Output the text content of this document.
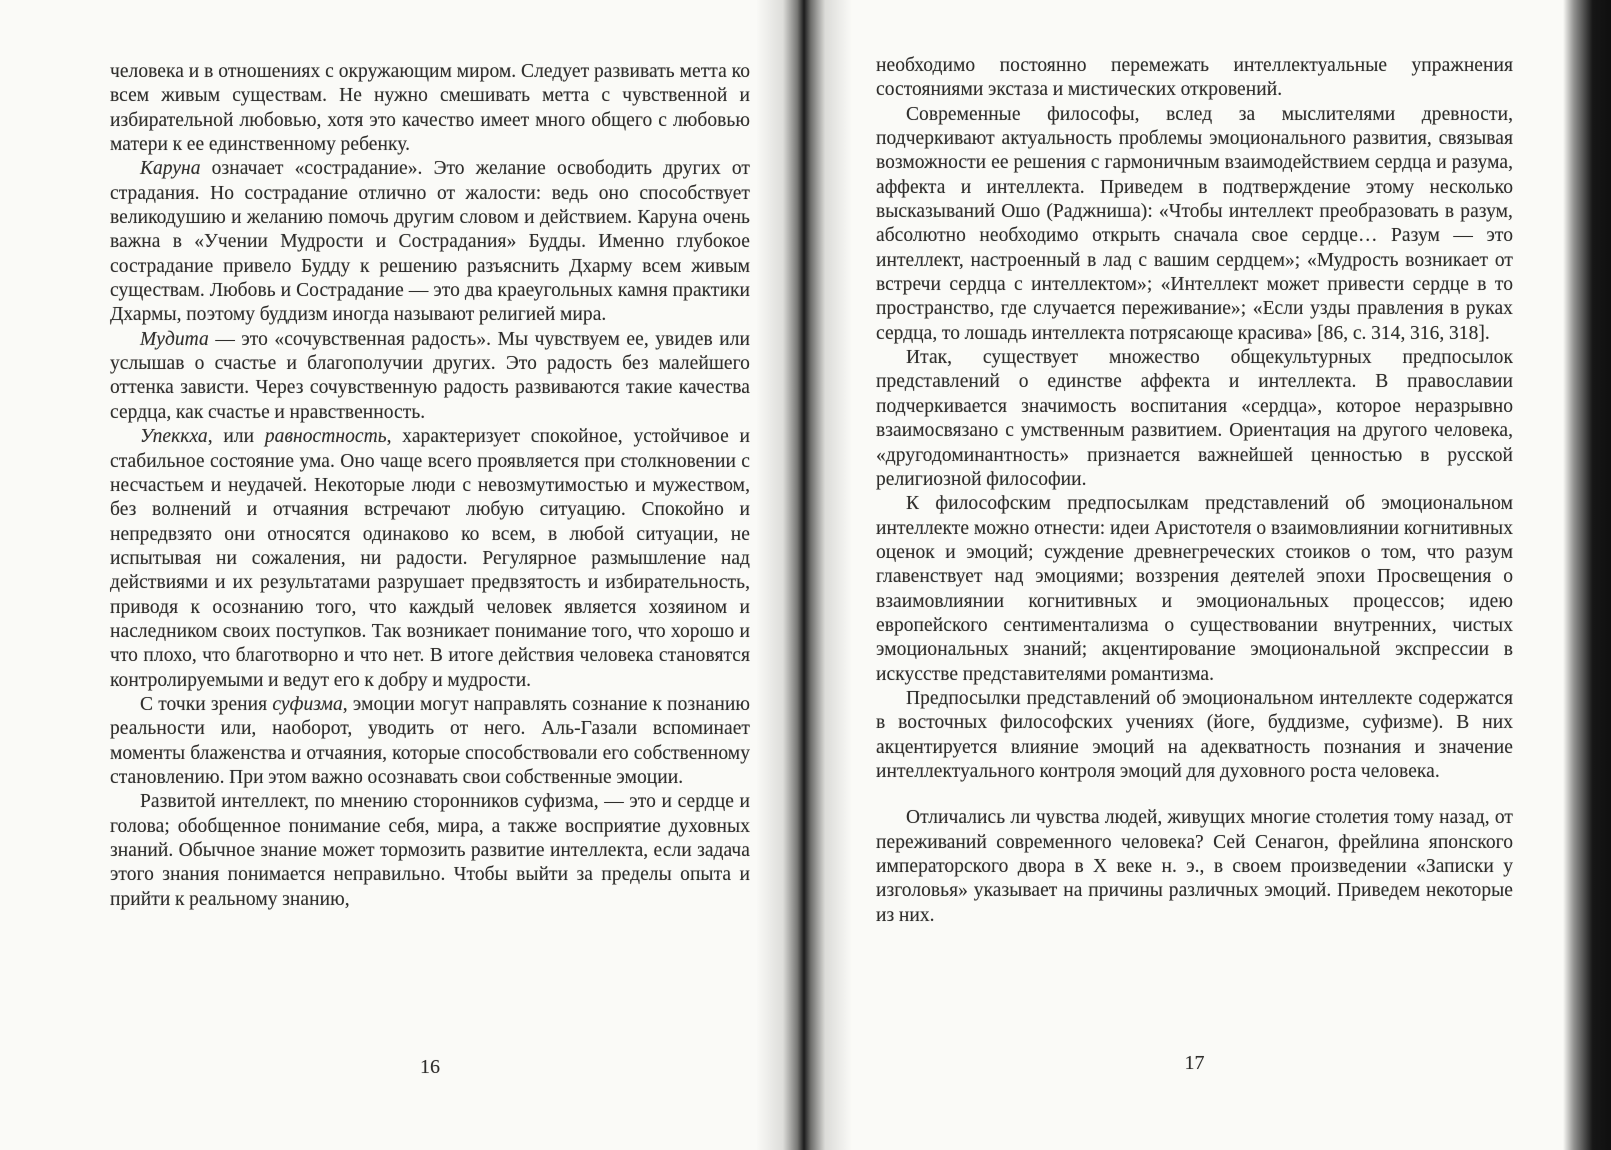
человека и в отношениях с окружающим миром. Следует развивать метта ко всем живым существам. Не нужно смешивать метта с чувственной и избирательной любовью, хотя это качество имеет много общего с любовью матери к ее единственному ребенку.

Каруна означает «сострадание». Это желание освободить других от страдания. Но сострадание отлично от жалости: ведь оно способствует великодушию и желанию помочь другим словом и действием. Каруна очень важна в «Учении Мудрости и Сострадания» Будды. Именно глубокое сострадание привело Будду к решению разъяснить Дхарму всем живым существам. Любовь и Сострадание — это два краеугольных камня практики Дхармы, поэтому буддизм иногда называют религией мира.

Мудита — это «сочувственная радость». Мы чувствуем ее, увидев или услышав о счастье и благополучии других. Это радость без малейшего оттенка зависти. Через сочувственную радость развиваются такие качества сердца, как счастье и нравственность.

Упеккха, или равностность, характеризует спокойное, устойчивое и стабильное состояние ума. Оно чаще всего проявляется при столкновении с несчастьем и неудачей. Некоторые люди с невозмутимостью и мужеством, без волнений и отчаяния встречают любую ситуацию. Спокойно и непредвзято они относятся одинаково ко всем, в любой ситуации, не испытывая ни сожаления, ни радости. Регулярное размышление над действиями и их результатами разрушает предвзятость и избирательность, приводя к осознанию того, что каждый человек является хозяином и наследником своих поступков. Так возникает понимание того, что хорошо и что плохо, что благотворно и что нет. В итоге действия человека становятся контролируемыми и ведут его к добру и мудрости.

С точки зрения суфизма, эмоции могут направлять сознание к познанию реальности или, наоборот, уводить от него. Аль-Газали вспоминает моменты блаженства и отчаяния, которые способствовали его собственному становлению. При этом важно осознавать свои собственные эмоции.

Развитой интеллект, по мнению сторонников суфизма, — это и сердце и голова; обобщенное понимание себя, мира, а также восприятие духовных знаний. Обычное знание может тормозить развитие интеллекта, если задача этого знания понимается неправильно. Чтобы выйти за пределы опыта и прийти к реальному знанию,

необходимо постоянно перемежать интеллектуальные упражнения состояниями экстаза и мистических откровений.

Современные философы, вслед за мыслителями древности, подчеркивают актуальность проблемы эмоционального развития, связывая возможности ее решения с гармоничным взаимодействием сердца и разума, аффекта и интеллекта. Приведем в подтверждение этому несколько высказываний Ошо (Раджниша): «Чтобы интеллект преобразовать в разум, абсолютно необходимо открыть сначала свое сердце… Разум — это интеллект, настроенный в лад с вашим сердцем»; «Мудрость возникает от встречи сердца с интеллектом»; «Интеллект может привести сердце в то пространство, где случается переживание»; «Если узды правления в руках сердца, то лошадь интеллекта потрясающе красива» [86, с. 314, 316, 318].

Итак, существует множество общекультурных предпосылок представлений о единстве аффекта и интеллекта. В православии подчеркивается значимость воспитания «сердца», которое неразрывно взаимосвязано с умственным развитием. Ориентация на другого человека, «другодоминантность» признается важнейшей ценностью в русской религиозной философии.

К философским предпосылкам представлений об эмоциональном интеллекте можно отнести: идеи Аристотеля о взаимовлиянии когнитивных оценок и эмоций; суждение древнегреческих стоиков о том, что разум главенствует над эмоциями; воззрения деятелей эпохи Просвещения о взаимовлиянии когнитивных и эмоциональных процессов; идею европейского сентиментализма о существовании внутренних, чистых эмоциональных знаний; акцентирование эмоциональной экспрессии в искусстве представителями романтизма.

Предпосылки представлений об эмоциональном интеллекте содержатся в восточных философских учениях (йоге, буддизме, суфизме). В них акцентируется влияние эмоций на адекватность познания и значение интеллектуального контроля эмоций для духовного роста человека.

Отличались ли чувства людей, живущих многие столетия тому назад, от переживаний современного человека? Сей Сенагон, фрейлина японского императорского двора в X веке н. э., в своем произведении «Записки у изголовья» указывает на причины различных эмоций. Приведем некоторые из них.

16	17
